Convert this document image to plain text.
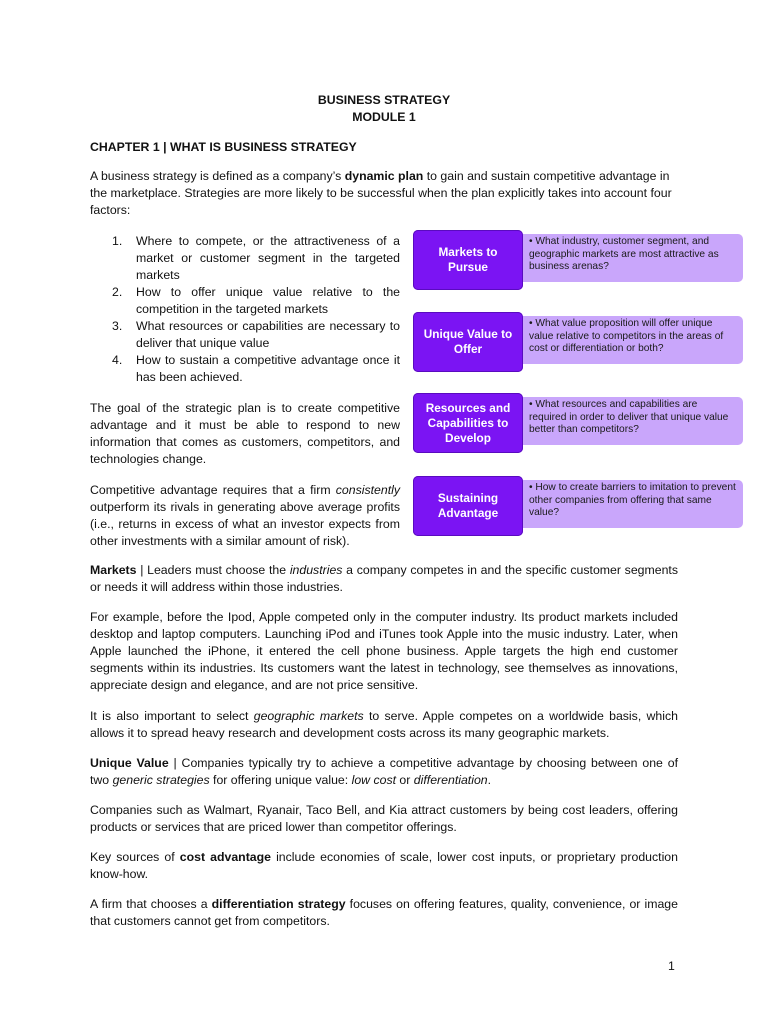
BUSINESS STRATEGY
MODULE 1
CHAPTER 1 | WHAT IS BUSINESS STRATEGY

A business strategy is defined as a company’s dynamic plan to gain and sustain competitive advantage in the marketplace. Strategies are more likely to be successful when the plan explicitly takes into account four factors:

1. Where to compete, or the attractiveness of a market or customer segment in the targeted markets
2. How to offer unique value relative to the competition in the targeted markets
3. What resources or capabilities are necessary to deliver that unique value
4. How to sustain a competitive advantage once it has been achieved.

The goal of the strategic plan is to create competitive advantage and it must be able to respond to new information that comes as customers, competitors, and technologies change.

Competitive advantage requires that a firm consistently outperform its rivals in generating above average profits (i.e., returns in excess of what an investor expects from other investments with a similar amount of risk).

Markets to Pursue
• What industry, customer segment, and geographic markets are most attractive as business arenas?
Unique Value to Offer
• What value proposition will offer unique value relative to competitors in the areas of cost or differentiation or both?
Resources and Capabilities to Develop
• What resources and capabilities are required in order to deliver that unique value better than competitors?
Sustaining Advantage
• How to create barriers to imitation to prevent other companies from offering that same value?

Markets | Leaders must choose the industries a company competes in and the specific customer segments or needs it will address within those industries.

For example, before the Ipod, Apple competed only in the computer industry. Its product markets included desktop and laptop computers. Launching iPod and iTunes took Apple into the music industry. Later, when Apple launched the iPhone, it entered the cell phone business. Apple targets the high end customer segments within its industries. Its customers want the latest in technology, see themselves as innovations, appreciate design and elegance, and are not price sensitive.

It is also important to select geographic markets to serve. Apple competes on a worldwide basis, which allows it to spread heavy research and development costs across its many geographic markets.

Unique Value | Companies typically try to achieve a competitive advantage by choosing between one of two generic strategies for offering unique value: low cost or differentiation.

Companies such as Walmart, Ryanair, Taco Bell, and Kia attract customers by being cost leaders, offering products or services that are priced lower than competitor offerings.

Key sources of cost advantage include economies of scale, lower cost inputs, or proprietary production know-how.

A firm that chooses a differentiation strategy focuses on offering features, quality, convenience, or image that customers cannot get from competitors.

1
